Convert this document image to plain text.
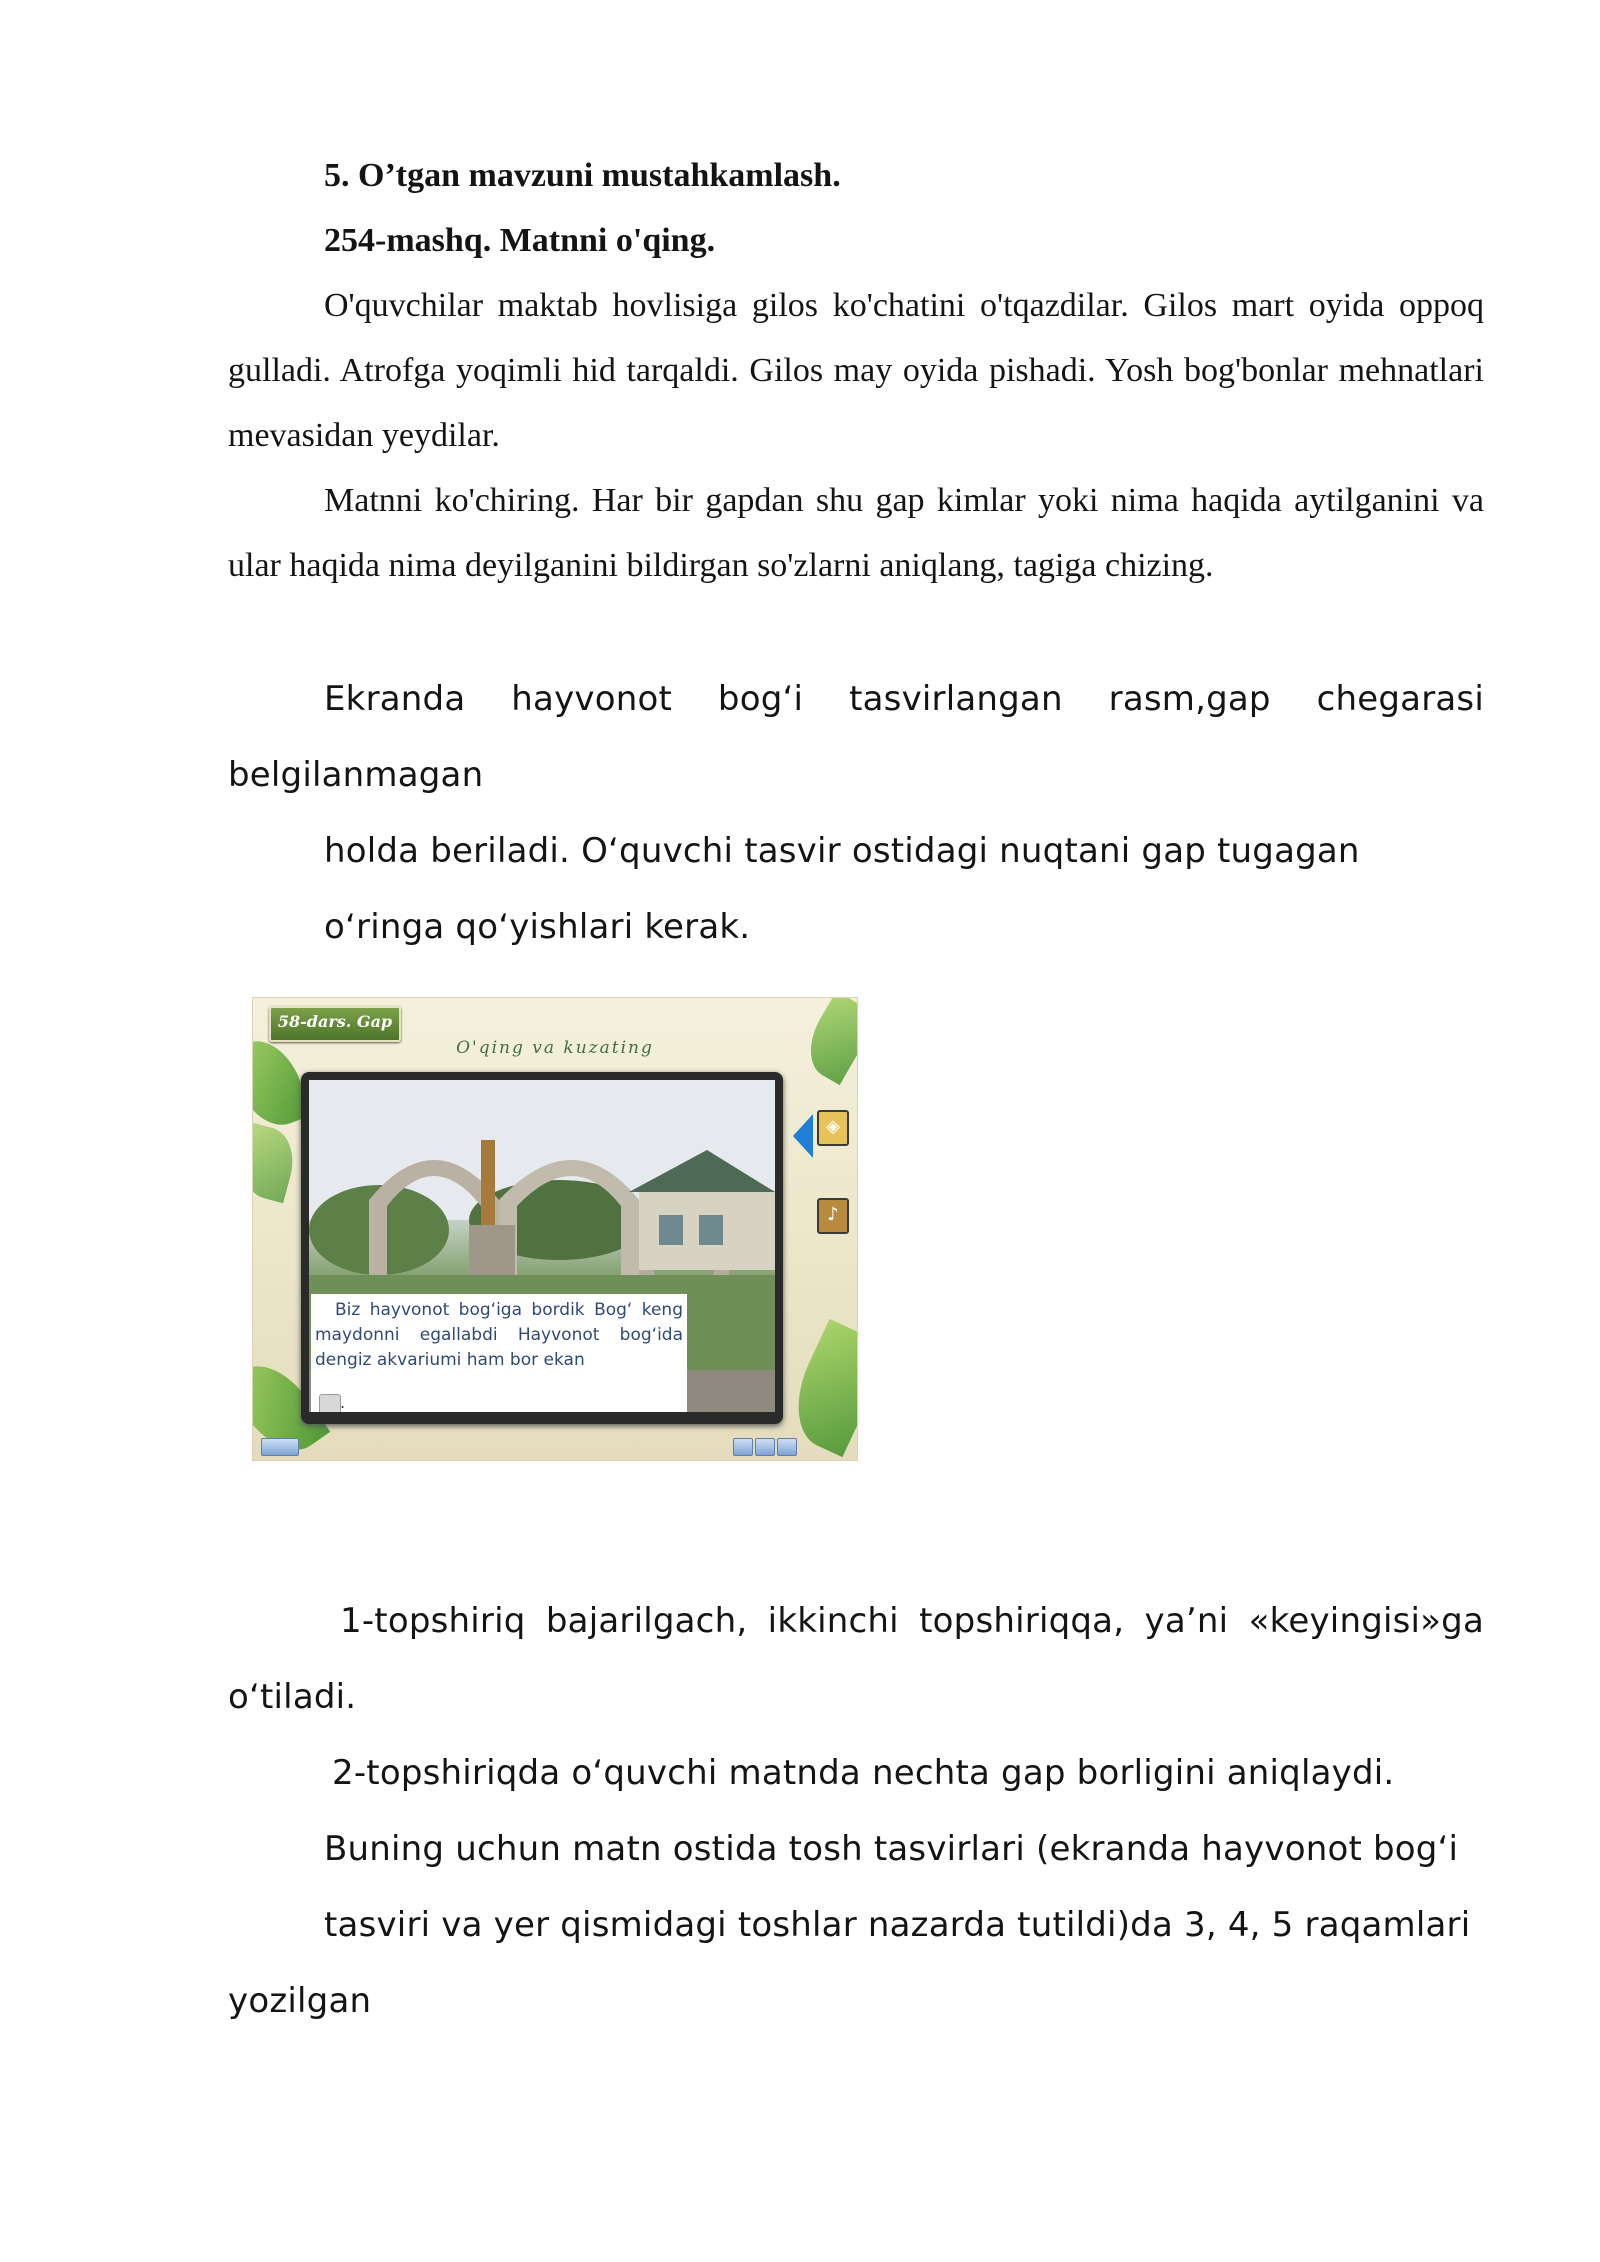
5. O’tgan mavzuni mustahkamlash.

254-mashq. Matnni o'qing.

O'quvchilar maktab hovlisiga gilos ko'chatini o'tqazdilar. Gilos mart oyida oppoq gulladi. Atrofga yoqimli hid tarqaldi. Gilos may oyida pishadi. Yosh bog'bonlar mehnatlari mevasidan yeydilar.

Matnni ko'chiring. Har bir gapdan shu gap kimlar yoki nima haqida aytilganini va ular haqida nima deyilganini bildirgan so'zlarni aniqlang, tagiga chizing.

Ekranda hayvonot bog‘i tasvirlangan rasm,gap chegarasi belgilanmagan

holda beriladi. O‘quvchi tasvir ostidagi nuqtani gap tugagan

o‘ringa qo‘yishlari kerak.

58-dars. Gap
O'qing va kuzating
Biz hayvonot bog‘iga bordik Bog‘ keng maydonni egallabdi Hayvonot bog‘ida dengiz akvariumi ham bor ekan
.
◈
♪

1-topshiriq bajarilgach, ikkinchi topshiriqqa, ya’ni «keyingisi»ga o‘tiladi.

2-topshiriqda o‘quvchi matnda nechta gap borligini aniqlaydi.

Buning uchun matn ostida tosh tasvirlari (ekranda hayvonot bog‘i

tasviri va yer qismidagi toshlar nazarda tutildi)da 3, 4, 5 raqamlari

yozilgan
